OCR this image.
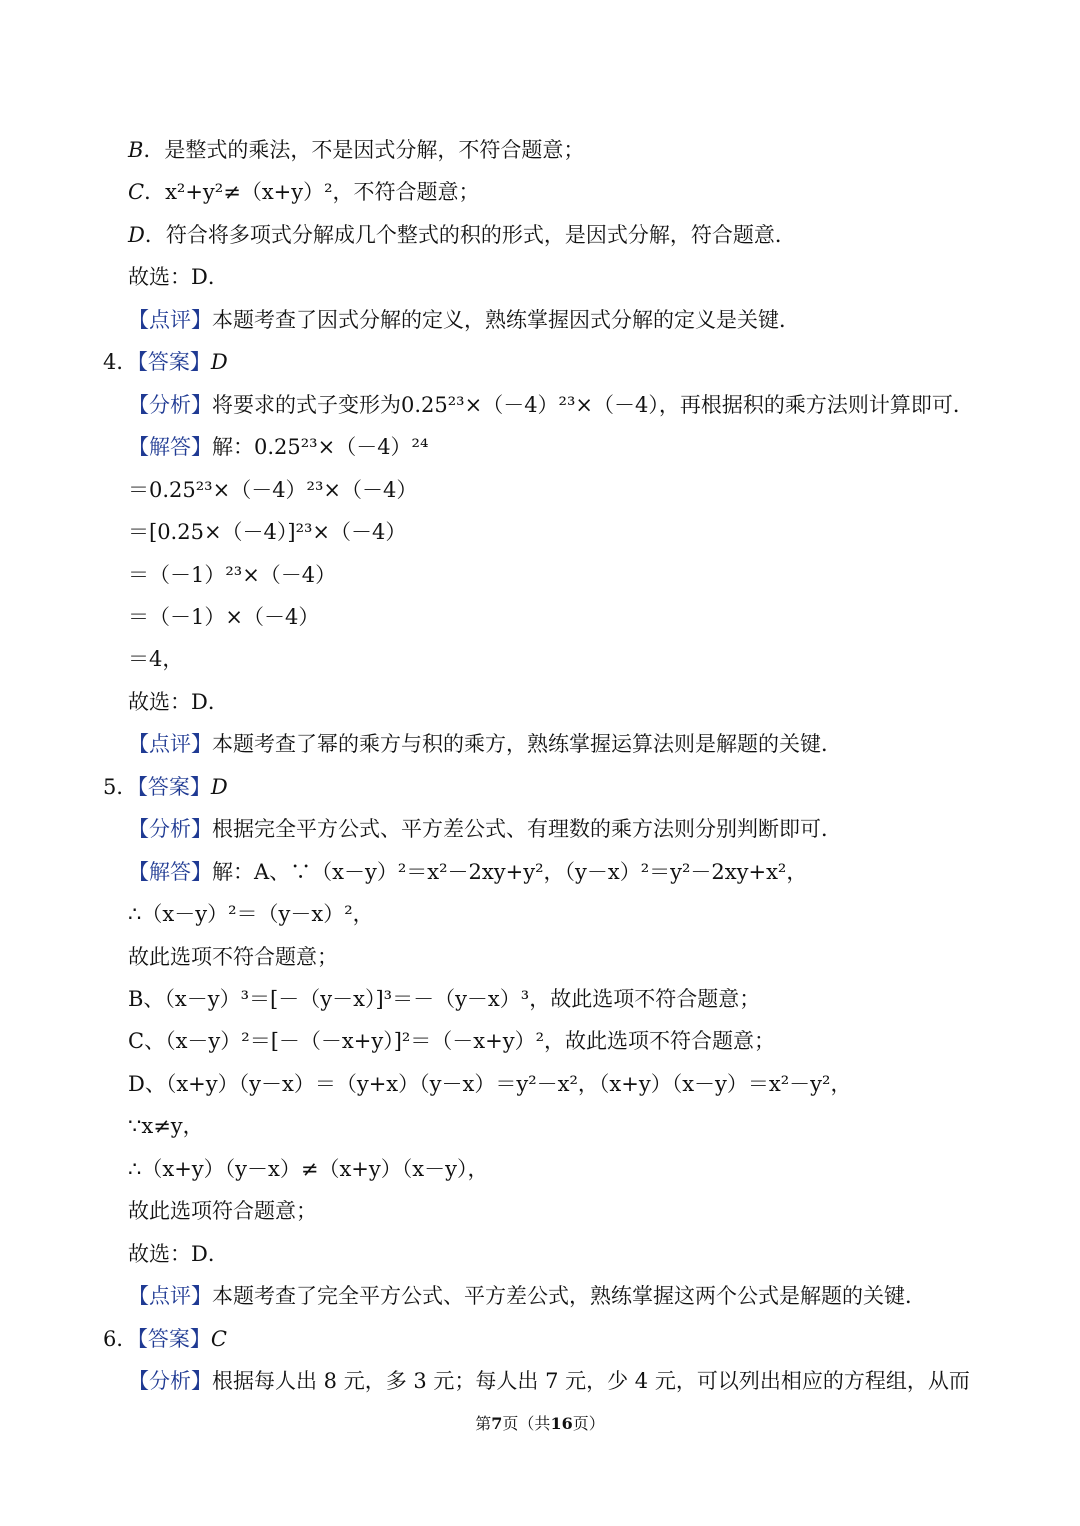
B．是整式的乘法，不是因式分解，不符合题意；
C．x²+y²≠（x+y）²，不符合题意；
D．符合将多项式分解成几个整式的积的形式，是因式分解，符合题意．
故选：D．
【点评】本题考查了因式分解的定义，熟练掌握因式分解的定义是关键．
4．【答案】D
【分析】将要求的式子变形为0.25²³×（－4）²³×（－4），再根据积的乘方法则计算即可．
【解答】解：0.25²³×（－4）²⁴
＝0.25²³×（－4）²³×（－4）
＝[0.25×（－4）]²³×（－4）
＝（－1）²³×（－4）
＝（－1）×（－4）
＝4，
故选：D．
【点评】本题考查了幂的乘方与积的乘方，熟练掌握运算法则是解题的关键．
5．【答案】D
【分析】根据完全平方公式、平方差公式、有理数的乘方法则分别判断即可．
【解答】解：A、∵（x－y）²＝x²－2xy+y²，（y－x）²＝y²－2xy+x²，
∴（x－y）²＝（y－x）²，
故此选项不符合题意；
B、（x－y）³＝[－（y－x）]³＝－（y－x）³，故此选项不符合题意；
C、（x－y）²＝[－（－x+y）]²＝（－x+y）²，故此选项不符合题意；
D、（x+y）（y－x）＝（y+x）（y－x）＝y²－x²，（x+y）（x－y）＝x²－y²，
∵x≠y，
∴（x+y）（y－x）≠（x+y）（x－y），
故此选项符合题意；
故选：D．
【点评】本题考查了完全平方公式、平方差公式，熟练掌握这两个公式是解题的关键．
6．【答案】C
【分析】根据每人出 8 元，多 3 元；每人出 7 元，少 4 元，可以列出相应的方程组，从而
第7页（共16页）
